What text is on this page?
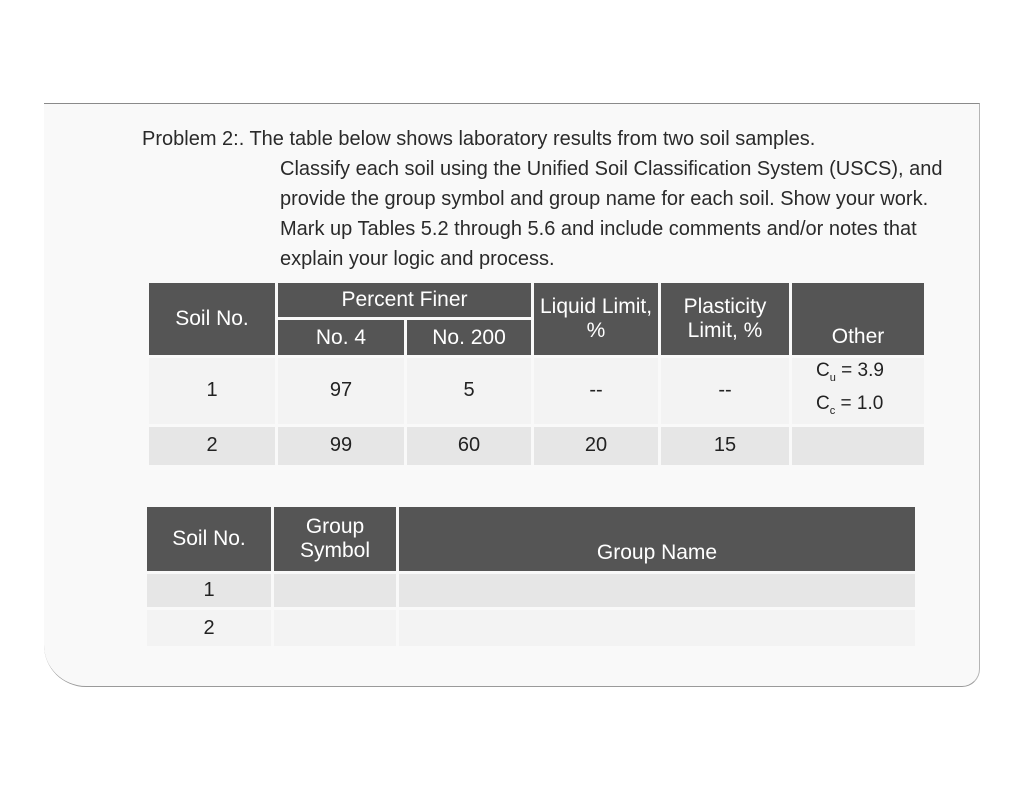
Problem 2:. The table below shows laboratory results from two soil samples.
Classify each soil using the Unified Soil Classification System (USCS), and provide the group symbol and group name for each soil. Show your work. Mark up Tables 5.2 through 5.6 and include comments and/or notes that explain your logic and process.
Soil No.	Percent Finer		Liquid Limit, %	Plasticity Limit, %	Other
	No. 4	No. 200			
1	97	5	--	--	$C_u = 3.9$
$C_c = 1.0$

2	99	60	20	15	
Soil No.	Group Symbol	Group Name
1		
2		
